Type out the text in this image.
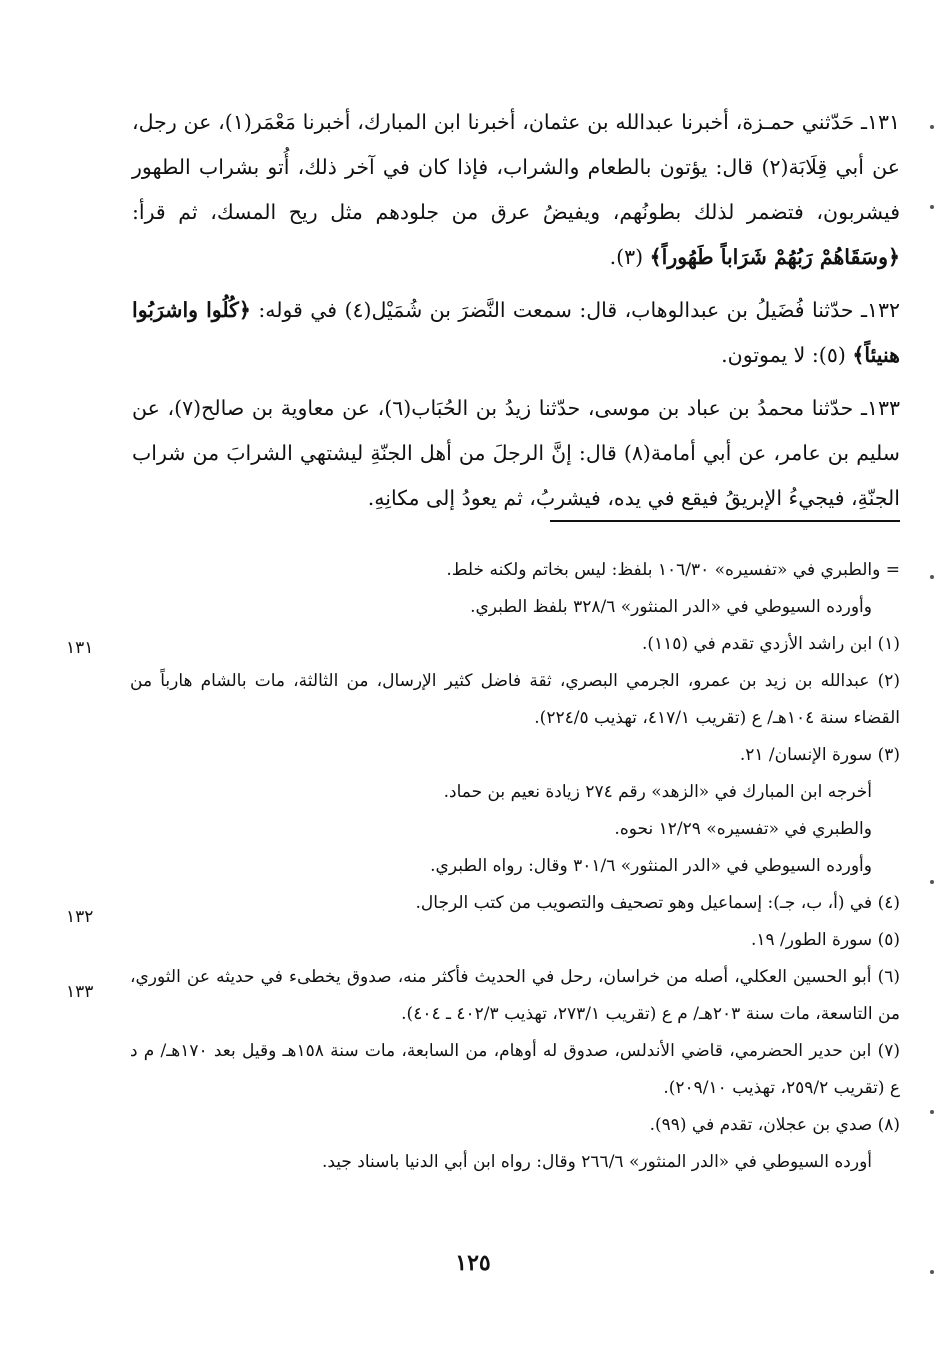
١٣١ـ حَدّثني حمـزة، أخبرنا عبدالله بن عثمان، أخبرنا ابن المبارك، أخبرنا مَعْمَر(١)، عن رجل، عن أبي قِلَابَة(٢) قال: يؤتون بالطعام والشراب، فإذا كان في آخر ذلك، أُتو بشراب الطهور فيشربون، فتضمر لذلك بطونُهم، ويفيضُ عرق من جلودهم مثل ريح المسك، ثم قرأ: ﴿وسَقَاهُمْ رَبُهُمْ شَرَاباً طَهُوراً﴾ (٣).

١٣٢ـ حدّثنا فُضَيلُ بن عبدالوهاب، قال: سمعت النَّضرَ بن شُمَيْل(٤) في قوله: ﴿كُلُوا واشرَبُوا هنيئاً﴾ (٥): لا يموتون.

١٣٣ـ حدّثنا محمدُ بن عباد بن موسى، حدّثنا زيدُ بن الحُبَاب(٦)، عن معاوية بن صالح(٧)، عن سليم بن عامر، عن أبي أمامة(٨) قال: إنَّ الرجلَ من أهل الجنّةِ ليشتهي الشرابَ من شراب الجنّةِ، فيجيءُ الإبريقُ فيقع في يده، فيشربُ، ثم يعودُ إلى مكانِهِ.

= والطبري في «تفسيره» ١٠٦/٣٠ بلفظ: ليس بخاتم ولكنه خلط.
وأورده السيوطي في «الدر المنثور» ٣٢٨/٦ بلفظ الطبري.
(١) ابن راشد الأزدي تقدم في (١١٥).
(٢) عبدالله بن زيد بن عمرو، الجرمي البصري، ثقة فاضل كثير الإرسال، من الثالثة، مات بالشام هارباً من القضاء سنة ١٠٤هـ/ ع (تقريب ٤١٧/١، تهذيب ٢٢٤/٥).
(٣) سورة الإنسان/ ٢١.
أخرجه ابن المبارك في «الزهد» رقم ٢٧٤ زيادة نعيم بن حماد.
والطبري في «تفسيره» ١٢/٢٩ نحوه.
وأورده السيوطي في «الدر المنثور» ٣٠١/٦ وقال: رواه الطبري.
(٤) في (أ، ب، جـ): إسماعيل وهو تصحيف والتصويب من كتب الرجال.
(٥) سورة الطور/ ١٩.
(٦) أبو الحسين العكلي، أصله من خراسان، رحل في الحديث فأكثر منه، صدوق يخطىء في حديثه عن الثوري، من التاسعة، مات سنة ٢٠٣هـ/ م ع (تقريب ٢٧٣/١، تهذيب ٤٠٢/٣ ـ ٤٠٤).
(٧) ابن حدير الحضرمي، قاضي الأندلس، صدوق له أوهام، من السابعة، مات سنة ١٥٨هـ وقيل بعد ١٧٠هـ/ م د ع (تقريب ٢٥٩/٢، تهذيب ٢٠٩/١٠).
(٨) صدي بن عجلان، تقدم في (٩٩).
أورده السيوطي في «الدر المنثور» ٢٦٦/٦ وقال: رواه ابن أبي الدنيا باسناد جيد.
١٣١
١٣٢
١٣٣
١٢٥
